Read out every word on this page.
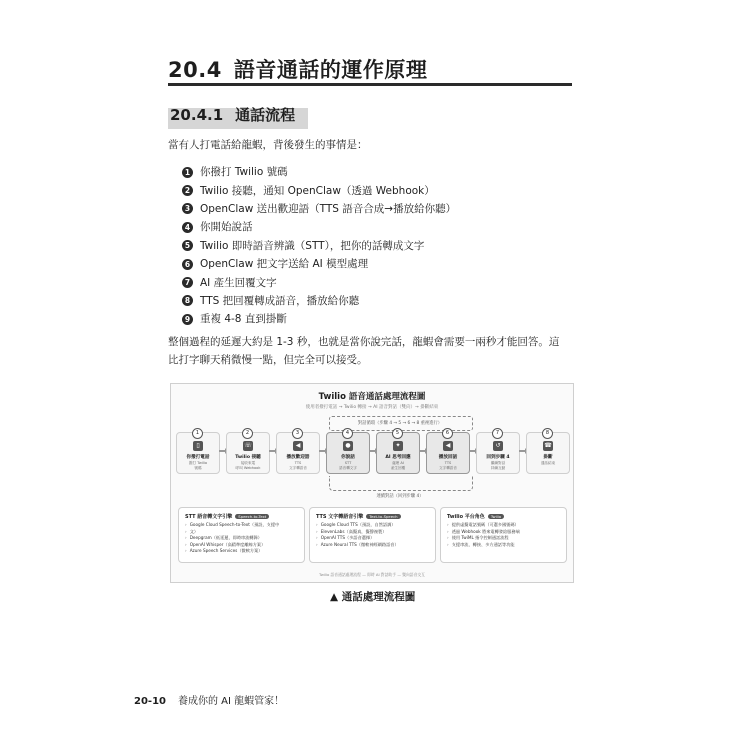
20.4 語音通話的運作原理
20.4.1 通話流程
當有人打電話給龍蝦，背後發生的事情是：
1 你撥打 Twilio 號碼
2 Twilio 接聽，通知 OpenClaw（透過 Webhook）
3 OpenClaw 送出歡迎語（TTS 語音合成→播放給你聽）
4 你開始說話
5 Twilio 即時語音辨識（STT），把你的話轉成文字
6 OpenClaw 把文字送給 AI 模型處理
7 AI 產生回覆文字
8 TTS 把回覆轉成語音，播放給你聽
9 重複 4-8 直到掛斷
整個過程的延遲大約是 1-3 秒，也就是當你說完話，龍蝦會需要一兩秒才能回答。這
比打字聊天稍微慢一點，但完全可以接受。
Twilio 語音通話處理流程圖
使用者撥打電話 → Twilio 轉接 → AI 語音對話（雙向）→ 掛斷結束
對話循環（步驟 4 → 5 → 6 → 8 重複進行）
1
▯
你撥打電話
撥打 Twilio
號碼
2
☏
Twilio 接聽
接收來電
呼叫 Webhook
3
◀
播放歡迎語
TTS
文字轉語音
4
●
你說話
STT
語音轉文字
5
✦
AI 思考回應
處理 AI
產生回覆
6
◀
播放回話
TTS
文字轉語音
7
↺
回到步驟 4
繼續對話
持續互動
8
☎
掛斷
通話結束
連續對話（回到步驟 4）
STT 語音轉文字引擎 Speech-to-Text
› Google Cloud Speech-to-Text（預設，支援中
› 文）
› Deepgram（低延遲，即時串流轉錄）
› OpenAI Whisper（高精準度離線方案）
› Azure Speech Services（微軟方案）
TTS 文字轉語音引擎 Text-to-Speech
› Google Cloud TTS（預設，自然語調）
› ElevenLabs（高擬真，擬聲複製）
› OpenAI TTS（多語音選擇）
› Azure Neural TTS（微軟神經網路語音）
Twilio 平台角色 Twilio
› 提供虛擬電話號碼（可選多國號碼）
› 透過 Webhook 將來電轉發給服務端
› 使用 TwiML 指令控制通話流程
› 支援串流、轉接、多方通話等功能
Twilio 語音通話處理流程 — 即時 AI 對話助手 — 雙向語音交互
▲ 通話處理流程圖
20-10 養成你的 AI 龍蝦管家！
